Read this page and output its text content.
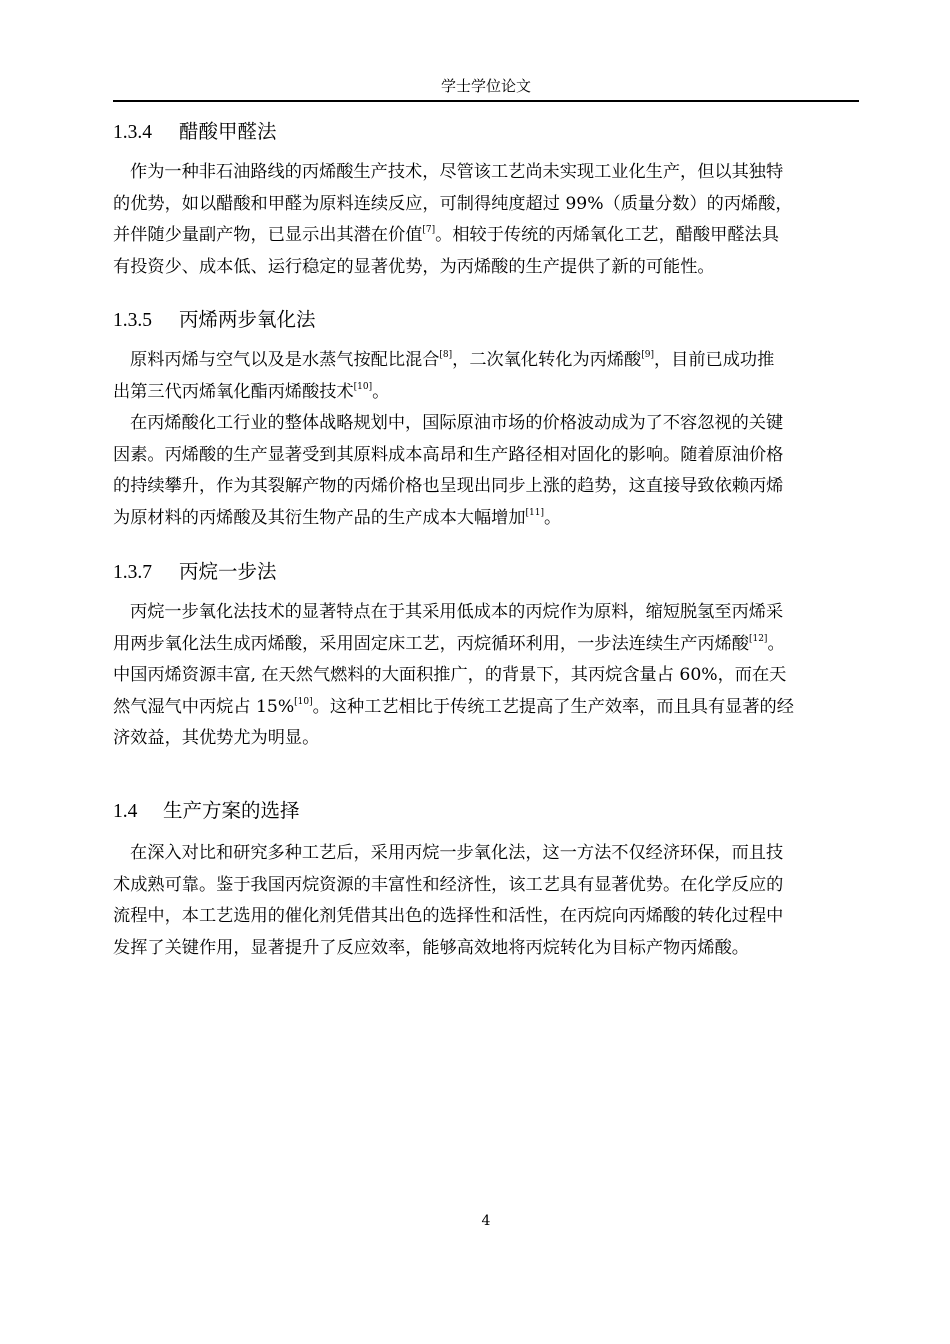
学士学位论文
1.3.4 醋酸甲醛法
作为一种非石油路线的丙烯酸生产技术，尽管该工艺尚未实现工业化生产，但以其独特
的优势，如以醋酸和甲醛为原料连续反应，可制得纯度超过 99%（质量分数）的丙烯酸，
并伴随少量副产物，已显示出其潜在价值[7]。相较于传统的丙烯氧化工艺，醋酸甲醛法具
有投资少、成本低、运行稳定的显著优势，为丙烯酸的生产提供了新的可能性。
1.3.5 丙烯两步氧化法
原料丙烯与空气以及是水蒸气按配比混合[8]，二次氧化转化为丙烯酸[9]，目前已成功推
出第三代丙烯氧化酯丙烯酸技术[10]。
在丙烯酸化工行业的整体战略规划中，国际原油市场的价格波动成为了不容忽视的关键
因素。丙烯酸的生产显著受到其原料成本高昂和生产路径相对固化的影响。随着原油价格
的持续攀升，作为其裂解产物的丙烯价格也呈现出同步上涨的趋势，这直接导致依赖丙烯
为原材料的丙烯酸及其衍生物产品的生产成本大幅增加[11]。
1.3.7 丙烷一步法
丙烷一步氧化法技术的显著特点在于其采用低成本的丙烷作为原料，缩短脱氢至丙烯采
用两步氧化法生成丙烯酸，采用固定床工艺，丙烷循环利用，一步法连续生产丙烯酸[12]。
中国丙烯资源丰富, 在天然气燃料的大面积推广，的背景下，其丙烷含量占 60%，而在天
然气湿气中丙烷占 15%[10]。这种工艺相比于传统工艺提高了生产效率，而且具有显著的经
济效益，其优势尤为明显。
1.4 生产方案的选择
在深入对比和研究多种工艺后，采用丙烷一步氧化法，这一方法不仅经济环保，而且技
术成熟可靠。鉴于我国丙烷资源的丰富性和经济性，该工艺具有显著优势。在化学反应的
流程中，本工艺选用的催化剂凭借其出色的选择性和活性，在丙烷向丙烯酸的转化过程中
发挥了关键作用，显著提升了反应效率，能够高效地将丙烷转化为目标产物丙烯酸。
4
